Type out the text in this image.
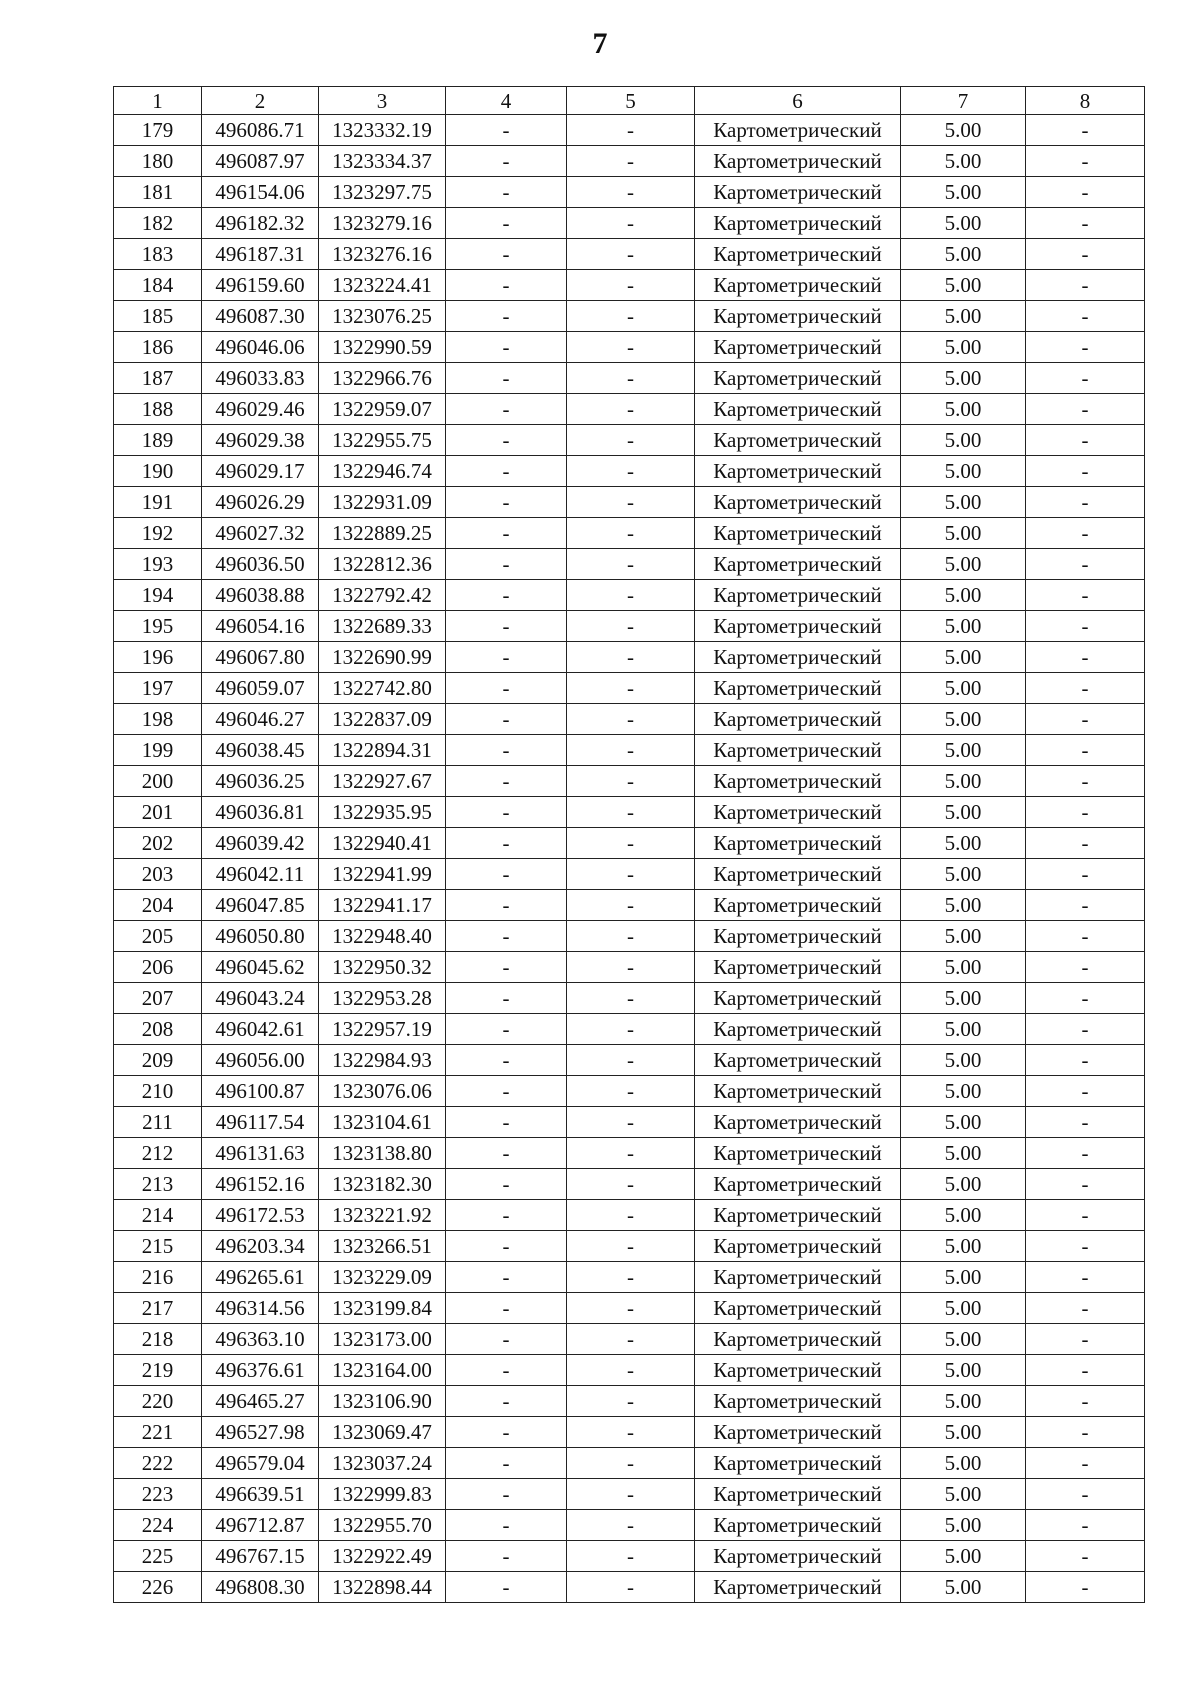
7
1	2	3	4	5	6	7	8
179	496086.71	1323332.19	-	-	Картометрический	5.00	-
180	496087.97	1323334.37	-	-	Картометрический	5.00	-
181	496154.06	1323297.75	-	-	Картометрический	5.00	-
182	496182.32	1323279.16	-	-	Картометрический	5.00	-
183	496187.31	1323276.16	-	-	Картометрический	5.00	-
184	496159.60	1323224.41	-	-	Картометрический	5.00	-
185	496087.30	1323076.25	-	-	Картометрический	5.00	-
186	496046.06	1322990.59	-	-	Картометрический	5.00	-
187	496033.83	1322966.76	-	-	Картометрический	5.00	-
188	496029.46	1322959.07	-	-	Картометрический	5.00	-
189	496029.38	1322955.75	-	-	Картометрический	5.00	-
190	496029.17	1322946.74	-	-	Картометрический	5.00	-
191	496026.29	1322931.09	-	-	Картометрический	5.00	-
192	496027.32	1322889.25	-	-	Картометрический	5.00	-
193	496036.50	1322812.36	-	-	Картометрический	5.00	-
194	496038.88	1322792.42	-	-	Картометрический	5.00	-
195	496054.16	1322689.33	-	-	Картометрический	5.00	-
196	496067.80	1322690.99	-	-	Картометрический	5.00	-
197	496059.07	1322742.80	-	-	Картометрический	5.00	-
198	496046.27	1322837.09	-	-	Картометрический	5.00	-
199	496038.45	1322894.31	-	-	Картометрический	5.00	-
200	496036.25	1322927.67	-	-	Картометрический	5.00	-
201	496036.81	1322935.95	-	-	Картометрический	5.00	-
202	496039.42	1322940.41	-	-	Картометрический	5.00	-
203	496042.11	1322941.99	-	-	Картометрический	5.00	-
204	496047.85	1322941.17	-	-	Картометрический	5.00	-
205	496050.80	1322948.40	-	-	Картометрический	5.00	-
206	496045.62	1322950.32	-	-	Картометрический	5.00	-
207	496043.24	1322953.28	-	-	Картометрический	5.00	-
208	496042.61	1322957.19	-	-	Картометрический	5.00	-
209	496056.00	1322984.93	-	-	Картометрический	5.00	-
210	496100.87	1323076.06	-	-	Картометрический	5.00	-
211	496117.54	1323104.61	-	-	Картометрический	5.00	-
212	496131.63	1323138.80	-	-	Картометрический	5.00	-
213	496152.16	1323182.30	-	-	Картометрический	5.00	-
214	496172.53	1323221.92	-	-	Картометрический	5.00	-
215	496203.34	1323266.51	-	-	Картометрический	5.00	-
216	496265.61	1323229.09	-	-	Картометрический	5.00	-
217	496314.56	1323199.84	-	-	Картометрический	5.00	-
218	496363.10	1323173.00	-	-	Картометрический	5.00	-
219	496376.61	1323164.00	-	-	Картометрический	5.00	-
220	496465.27	1323106.90	-	-	Картометрический	5.00	-
221	496527.98	1323069.47	-	-	Картометрический	5.00	-
222	496579.04	1323037.24	-	-	Картометрический	5.00	-
223	496639.51	1322999.83	-	-	Картометрический	5.00	-
224	496712.87	1322955.70	-	-	Картометрический	5.00	-
225	496767.15	1322922.49	-	-	Картометрический	5.00	-
226	496808.30	1322898.44	-	-	Картометрический	5.00	-
